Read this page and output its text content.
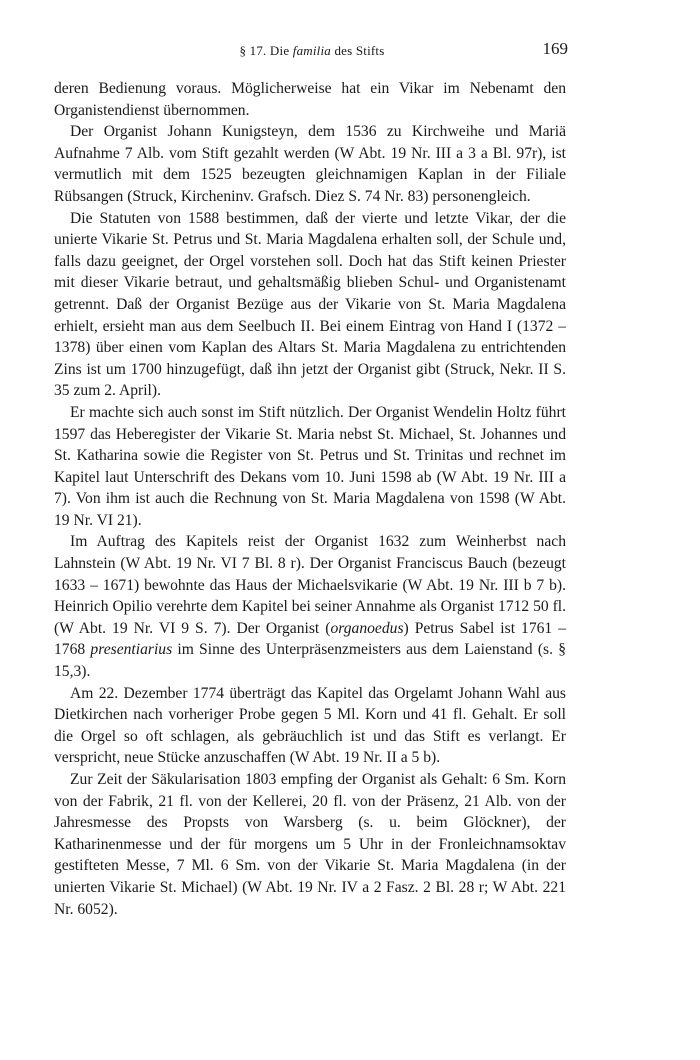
§ 17. Die familia des Stifts	169

deren Bedienung voraus. Möglicherweise hat ein Vikar im Nebenamt den Organistendienst übernommen.

Der Organist Johann Kunigsteyn, dem 1536 zu Kirchweihe und Mariä Aufnahme 7 Alb. vom Stift gezahlt werden (W Abt. 19 Nr. III a 3 a Bl. 97r), ist vermutlich mit dem 1525 bezeugten gleichnamigen Kaplan in der Filiale Rübsangen (Struck, Kircheninv. Grafsch. Diez S. 74 Nr. 83) personengleich.

Die Statuten von 1588 bestimmen, daß der vierte und letzte Vikar, der die unierte Vikarie St. Petrus und St. Maria Magdalena erhalten soll, der Schule und, falls dazu geeignet, der Orgel vorstehen soll. Doch hat das Stift keinen Priester mit dieser Vikarie betraut, und gehaltsmäßig blieben Schul- und Organistenamt getrennt. Daß der Organist Bezüge aus der Vikarie von St. Maria Magdalena erhielt, ersieht man aus dem Seelbuch II. Bei einem Eintrag von Hand I (1372 – 1378) über einen vom Kaplan des Altars St. Maria Magdalena zu entrichtenden Zins ist um 1700 hinzugefügt, daß ihn jetzt der Organist gibt (Struck, Nekr. II S. 35 zum 2. April).

Er machte sich auch sonst im Stift nützlich. Der Organist Wendelin Holtz führt 1597 das Heberegister der Vikarie St. Maria nebst St. Michael, St. Johannes und St. Katharina sowie die Register von St. Petrus und St. Trinitas und rechnet im Kapitel laut Unterschrift des Dekans vom 10. Juni 1598 ab (W Abt. 19 Nr. III a 7). Von ihm ist auch die Rechnung von St. Maria Magdalena von 1598 (W Abt. 19 Nr. VI 21).

Im Auftrag des Kapitels reist der Organist 1632 zum Weinherbst nach Lahnstein (W Abt. 19 Nr. VI 7 Bl. 8 r). Der Organist Franciscus Bauch (bezeugt 1633 – 1671) bewohnte das Haus der Michaelsvikarie (W Abt. 19 Nr. III b 7 b). Heinrich Opilio verehrte dem Kapitel bei seiner Annahme als Organist 1712 50 fl. (W Abt. 19 Nr. VI 9 S. 7). Der Organist (organoedus) Petrus Sabel ist 1761 – 1768 presentiarius im Sinne des Unterpräsenzmeisters aus dem Laienstand (s. § 15,3).

Am 22. Dezember 1774 überträgt das Kapitel das Orgelamt Johann Wahl aus Dietkirchen nach vorheriger Probe gegen 5 Ml. Korn und 41 fl. Gehalt. Er soll die Orgel so oft schlagen, als gebräuchlich ist und das Stift es verlangt. Er verspricht, neue Stücke anzuschaffen (W Abt. 19 Nr. II a 5 b).

Zur Zeit der Säkularisation 1803 empfing der Organist als Gehalt: 6 Sm. Korn von der Fabrik, 21 fl. von der Kellerei, 20 fl. von der Präsenz, 21 Alb. von der Jahresmesse des Propsts von Warsberg (s. u. beim Glöckner), der Katharinenmesse und der für morgens um 5 Uhr in der Fronleichnamsoktav gestifteten Messe, 7 Ml. 6 Sm. von der Vikarie St. Maria Magdalena (in der unierten Vikarie St. Michael) (W Abt. 19 Nr. IV a 2 Fasz. 2 Bl. 28 r; W Abt. 221 Nr. 6052).
